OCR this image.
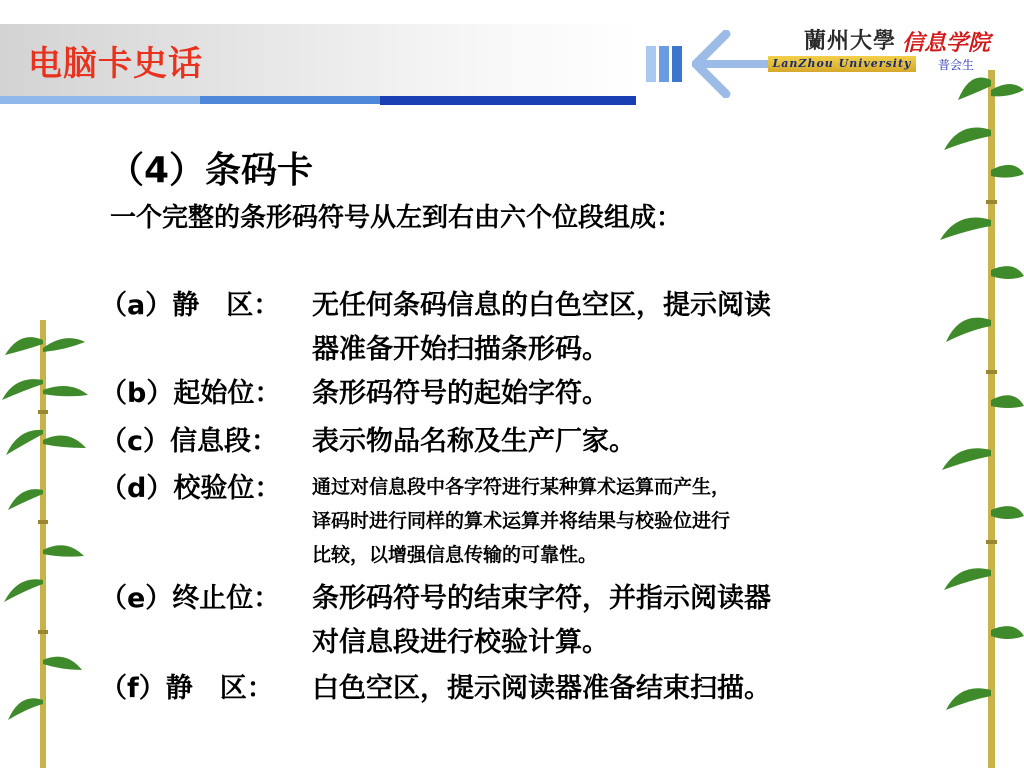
电脑卡史话
蘭州大學 信息学院
LanZhou University	普会生
（4）条码卡
一个完整的条形码符号从左到右由六个位段组成：
（a）静　区： 无任何条码信息的白色空区，提示阅读
器准备开始扫描条形码。
（b）起始位： 条形码符号的起始字符。
（c）信息段： 表示物品名称及生产厂家。
（d）校验位： 通过对信息段中各字符进行某种算术运算而产生，
译码时进行同样的算术运算并将结果与校验位进行
比较，以增强信息传输的可靠性。
（e）终止位： 条形码符号的结束字符，并指示阅读器
对信息段进行校验计算。
（f）静　区： 白色空区，提示阅读器准备结束扫描。
